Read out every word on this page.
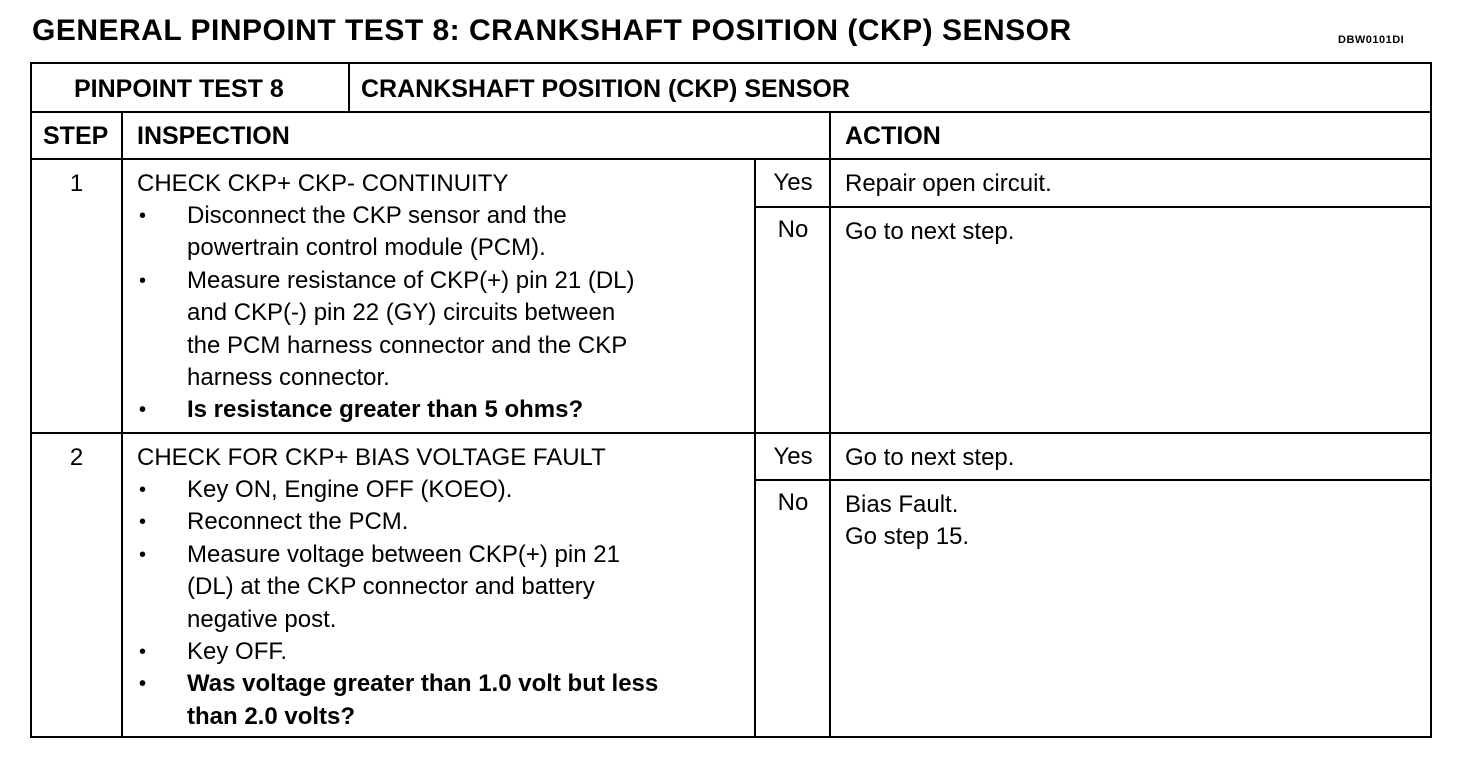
GENERAL PINPOINT TEST 8: CRANKSHAFT POSITION (CKP) SENSOR	DBW0101DI
PINPOINT TEST 8	CRANKSHAFT POSITION (CKP) SENSOR
STEP INSPECTION	ACTION
1	CHECK CKP+ CKP- CONTINUITY
• Disconnect the CKP sensor and the
powertrain control module (PCM).
• Measure resistance of CKP(+) pin 21 (DL)
and CKP(-) pin 22 (GY) circuits between
the PCM harness connector and the CKP
harness connector.
• Is resistance greater than 5 ohms?
Yes	Repair open circuit.
No	Go to next step.
2	CHECK FOR CKP+ BIAS VOLTAGE FAULT
• Key ON, Engine OFF (KOEO).
• Reconnect the PCM.
• Measure voltage between CKP(+) pin 21
(DL) at the CKP connector and battery
negative post.
• Key OFF.
• Was voltage greater than 1.0 volt but less
than 2.0 volts?
Yes	Go to next step.
No	Bias Fault.
Go step 15.
